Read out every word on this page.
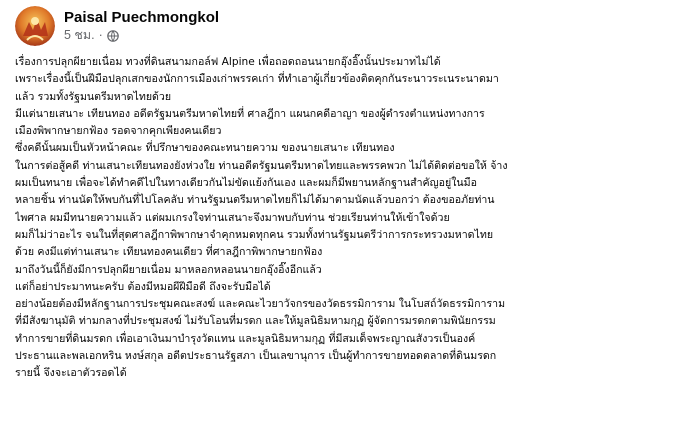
Paisal Puechmongkol
5 ชม. ·
เรื่องการปลุกผียายเนื่อม ทวงที่ดินสนามกอล์ฟ Alpine เพื่อถอดถอนนายกอุ๊งอิ๊งนั้นประมาทไม่ได้
เพราะเรื่องนี้เป็นฝีมือปลุกเสกของนักการเมืองเก่าพรรคเก่า ที่ทำเอาผู้เกี่ยวข้องติดคุกกันระนาวระเนระนาดมา
แล้ว รวมทั้งรัฐมนตรีมหาดไทยด้วย
มีแต่นายเสนาะ เทียนทอง อดีตรัฐมนตรีมหาดไทยที่ ศาลฎีกา แผนกคดีอาญา ของผู้ดำรงตำแหน่งทางการ
เมืองพิพากษายกฟ้อง รอดจากคุกเพียงคนเดียว
ซึ่งคดีนั้นผมเป็นหัวหน้าคณะ ที่ปรึกษาของคณะทนายความ ของนายเสนาะ เทียนทอง
ในการต่อสู้คดี ท่านเสนาะเทียนทองยังห่วงใย ท่านอดีตรัฐมนตรีมหาดไทยและพรรคพวก ไม่ได้ติดต่อขอให้ จ้าง
ผมเป็นทนาย เพื่อจะได้ทำคดีไปในทางเดียวกันไม่ขัดแย้งกันเอง และผมก็มีพยานหลักฐานสำคัญอยู่ในมือ
หลายชิ้น ท่านนัดให้พบกันที่ไปโลคลับ ท่านรัฐมนตรีมหาดไทยก็ไม่ได้มาตามนัดแล้วบอกว่า ต้องขออภัยท่าน
ไพศาล ผมมีทนายความแล้ว แต่ผมเกรงใจท่านเสนาะจึงมาพบกับท่าน ช่วยเรียนท่านให้เข้าใจด้วย
ผมก็ไม่ว่าอะไร จนในที่สุดศาลฎีกาพิพากษาจำคุกหมดทุกคน รวมทั้งท่านรัฐมนตรีว่าการกระทรวงมหาดไทย
ด้วย คงมีแต่ท่านเสนาะ เทียนทองคนเดียว ที่ศาลฎีกาพิพากษายกฟ้อง
มาถึงวันนี้ก็ยังมีการปลุกผียายเนื่อม มาหลอกหลอนนายกอุ๊งอิ๊งอีกแล้ว
แต่ก็อย่าประมาทนะครับ ต้องมีหมอผีฝีมือดี ถึงจะรับมือได้
อย่างน้อยต้องมีหลักฐานการประชุมคณะสงฆ์ และคณะไวยาวัจกรของวัดธรรมิการาม ในโบสถ์วัดธรรมิการาม
ที่มีสังฆานุมัติ ท่ามกลางที่ประชุมสงฆ์ ไม่รับโอนที่มรดก และให้มูลนิธิมหามกุฏ ผู้จัดการมรดกตามพินัยกรรม
ทำการขายที่ดินมรดก เพื่อเอาเงินมาบำรุงวัดแทน และมูลนิธิมหามกุฏ ที่มีสมเด็จพระญาณสังวรเป็นองค์
ประธานและพลเอกหริน หงษ์สกุล อดีตประธานรัฐสภา เป็นเลขานุการ เป็นผู้ทำการขายทอดตลาดที่ดินมรดก
รายนี้ จึงจะเอาตัวรอดได้
